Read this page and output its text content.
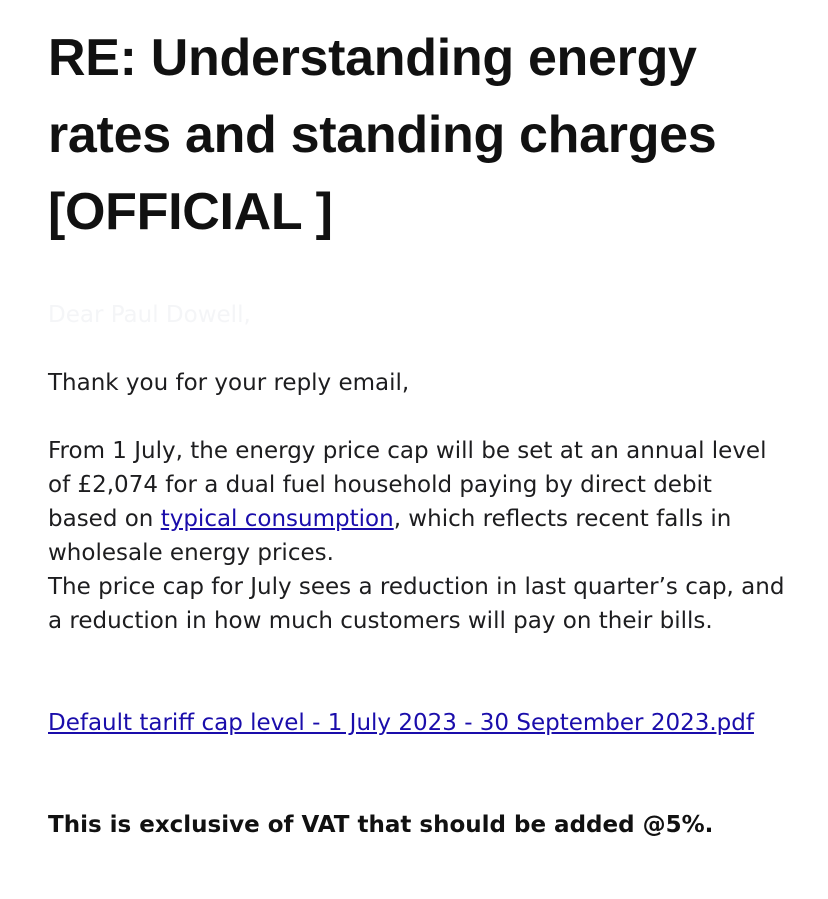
RE: Understanding energy rates and standing charges [OFFICIAL ]
Dear Paul Dowell,

Thank you for your reply email,

From 1 July, the energy price cap will be set at an annual level of £2,074 for a dual fuel household paying by direct debit based on typical consumption, which reflects recent falls in wholesale energy prices.
The price cap for July sees a reduction in last quarter’s cap, and a reduction in how much customers will pay on their bills.

Default tariff cap level - 1 July 2023 - 30 September 2023.pdf

This is exclusive of VAT that should be added @5%.
